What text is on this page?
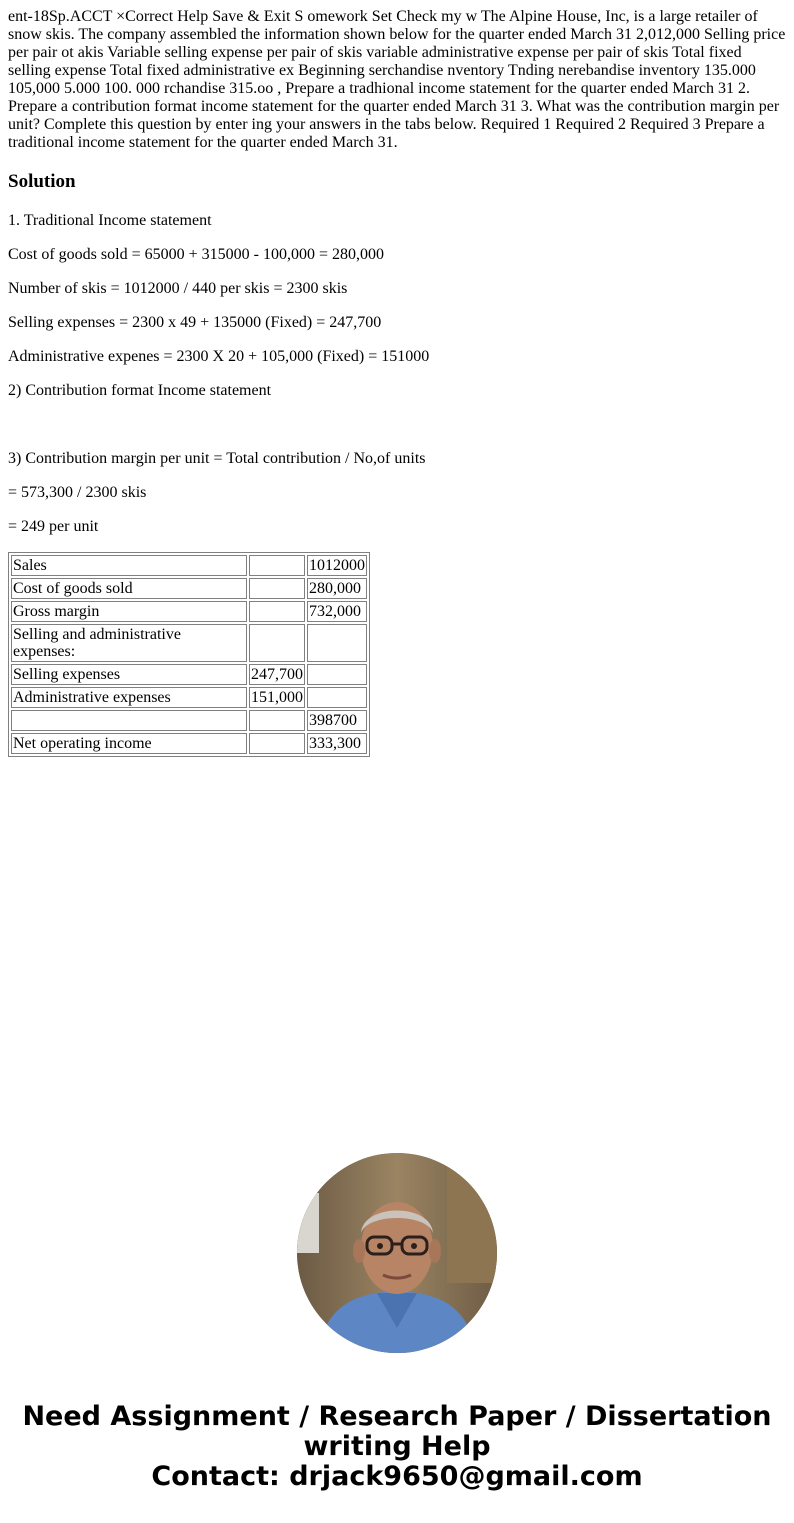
ent-18Sp.ACCT ×Correct Help Save & Exit S omework Set Check my w The Alpine House, Inc, is a large retailer of snow skis. The company assembled the information shown below for the quarter ended March 31 2,012,000 Selling price per pair ot akis Variable selling expense per pair of skis variable administrative expense per pair of skis Total fixed selling expense Total fixed administrative ex Beginning serchandise nventory Tnding nerebandise inventory 135.000 105,000 5.000 100. 000 rchandise 315.oo , Prepare a tradhional income statement for the quarter ended March 31 2. Prepare a contribution format income statement for the quarter ended March 31 3. What was the contribution margin per unit? Complete this question by enter ing your answers in the tabs below. Required 1 Required 2 Required 3 Prepare a traditional income statement for the quarter ended March 31.
Solution

1. Traditional Income statement

Cost of goods sold = 65000 + 315000 - 100,000 = 280,000

Number of skis = 1012000 / 440 per skis = 2300 skis

Selling expenses = 2300 x 49 + 135000 (Fixed) = 247,700

Administrative expenes = 2300 X 20 + 105,000 (Fixed) = 151000

2) Contribution format Income statement

3) Contribution margin per unit = Total contribution / No,of units

= 573,300 / 2300 skis

= 249 per unit

Sales		1012000
Cost of goods sold		280,000
Gross margin		732,000
Selling and administrative expenses:		
Selling expenses	247,700	
Administrative expenses	151,000	
		398700
Net operating income		333,300
Need Assignment / Research Paper / Dissertation
writing Help
Contact: drjack9650@gmail.com
